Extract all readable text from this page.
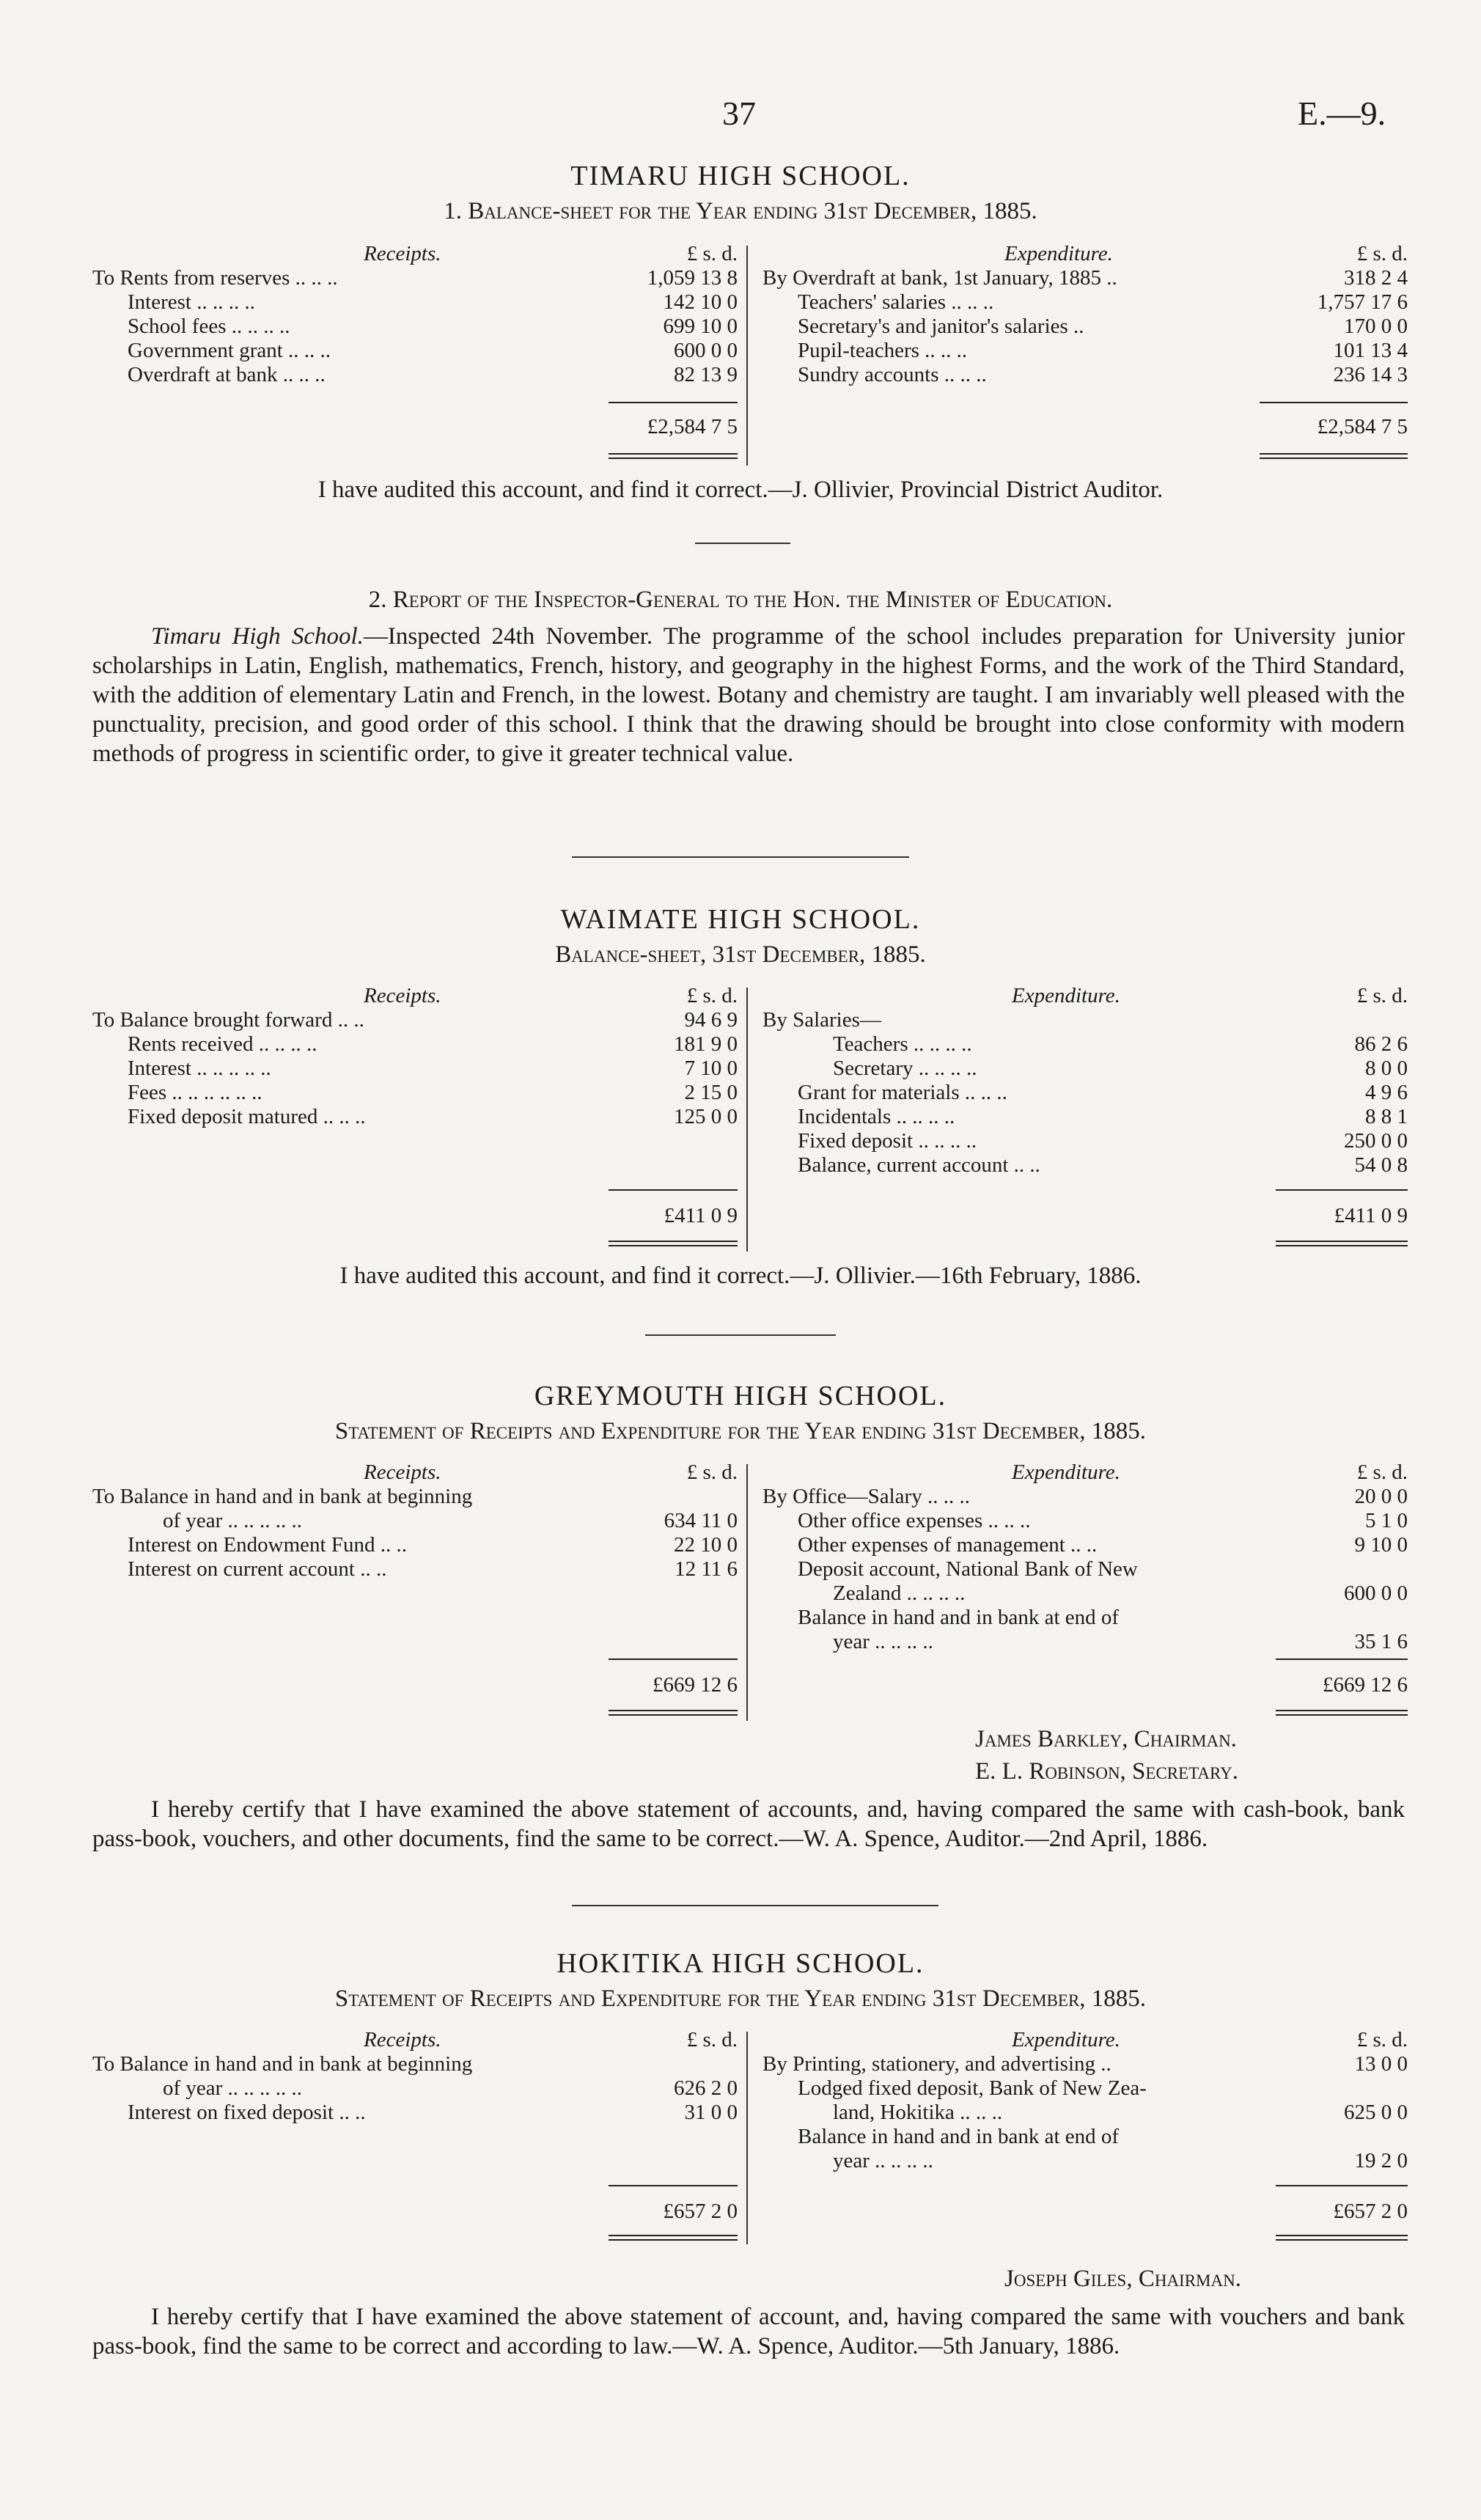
37	E.—9.
TIMARU HIGH SCHOOL.
1. Balance-sheet for the Year ending 31st December, 1885.
Receipts.	£ s. d.
To Rents from reserves .. .. ..	1,059 13 8
Interest .. .. .. ..	142 10 0
School fees .. .. .. ..	699 10 0
Government grant .. .. ..	600 0 0
Overdraft at bank .. .. ..	82 13 9
Expenditure.	£ s. d.
By Overdraft at bank, 1st January, 1885 ..	318 2 4
Teachers' salaries .. .. ..	1,757 17 6
Secretary's and janitor's salaries ..	170 0 0
Pupil-teachers .. .. ..	101 13 4
Sundry accounts .. .. ..	236 14 3
£2,584 7 5	£2,584 7 5
I have audited this account, and find it correct.—J. Ollivier, Provincial District Auditor.
2. Report of the Inspector-General to the Hon. the Minister of Education.
Timaru High School.—Inspected 24th November. The programme of the school includes preparation for University junior scholarships in Latin, English, mathematics, French, history, and geography in the highest Forms, and the work of the Third Standard, with the addition of elementary Latin and French, in the lowest. Botany and chemistry are taught. I am invariably well pleased with the punctuality, precision, and good order of this school. I think that the drawing should be brought into close conformity with modern methods of progress in scientific order, to give it greater technical value.
WAIMATE HIGH SCHOOL.
Balance-sheet, 31st December, 1885.
Receipts.	£ s. d.
To Balance brought forward .. ..	94 6 9
Rents received .. .. .. ..	181 9 0
Interest .. .. .. .. ..	7 10 0
Fees .. .. .. .. .. ..	2 15 0
Fixed deposit matured .. .. ..	125 0 0
Expenditure.	£ s. d.
By Salaries—
Teachers .. .. .. ..	86 2 6
Secretary .. .. .. ..	8 0 0
Grant for materials .. .. ..	4 9 6
Incidentals .. .. .. ..	8 8 1
Fixed deposit .. .. .. ..	250 0 0
Balance, current account .. ..	54 0 8
£411 0 9	£411 0 9
I have audited this account, and find it correct.—J. Ollivier.—16th February, 1886.
GREYMOUTH HIGH SCHOOL.
Statement of Receipts and Expenditure for the Year ending 31st December, 1885.
Receipts.	£ s. d.
To Balance in hand and in bank at beginning
of year .. .. .. .. ..	634 11 0
Interest on Endowment Fund .. ..	22 10 0
Interest on current account .. ..	12 11 6
Expenditure.	£ s. d.
By Office—Salary .. .. ..	20 0 0
Other office expenses .. .. ..	5 1 0
Other expenses of management .. ..	9 10 0
Deposit account, National Bank of New
Zealand .. .. .. ..	600 0 0
Balance in hand and in bank at end of
year .. .. .. ..	35 1 6
£669 12 6	£669 12 6
James Barkley, Chairman.
E. L. Robinson, Secretary.
I hereby certify that I have examined the above statement of accounts, and, having compared the same with cash-book, bank pass-book, vouchers, and other documents, find the same to be correct.—W. A. Spence, Auditor.—2nd April, 1886.
HOKITIKA HIGH SCHOOL.
Statement of Receipts and Expenditure for the Year ending 31st December, 1885.
Receipts.	£ s. d.
To Balance in hand and in bank at beginning
of year .. .. .. .. ..	626 2 0
Interest on fixed deposit .. ..	31 0 0
Expenditure.	£ s. d.
By Printing, stationery, and advertising ..	13 0 0
Lodged fixed deposit, Bank of New Zea-
land, Hokitika .. .. ..	625 0 0
Balance in hand and in bank at end of
year .. .. .. ..	19 2 0
£657 2 0	£657 2 0
Joseph Giles, Chairman.
I hereby certify that I have examined the above statement of account, and, having compared the same with vouchers and bank pass-book, find the same to be correct and according to law.—W. A. Spence, Auditor.—5th January, 1886.
